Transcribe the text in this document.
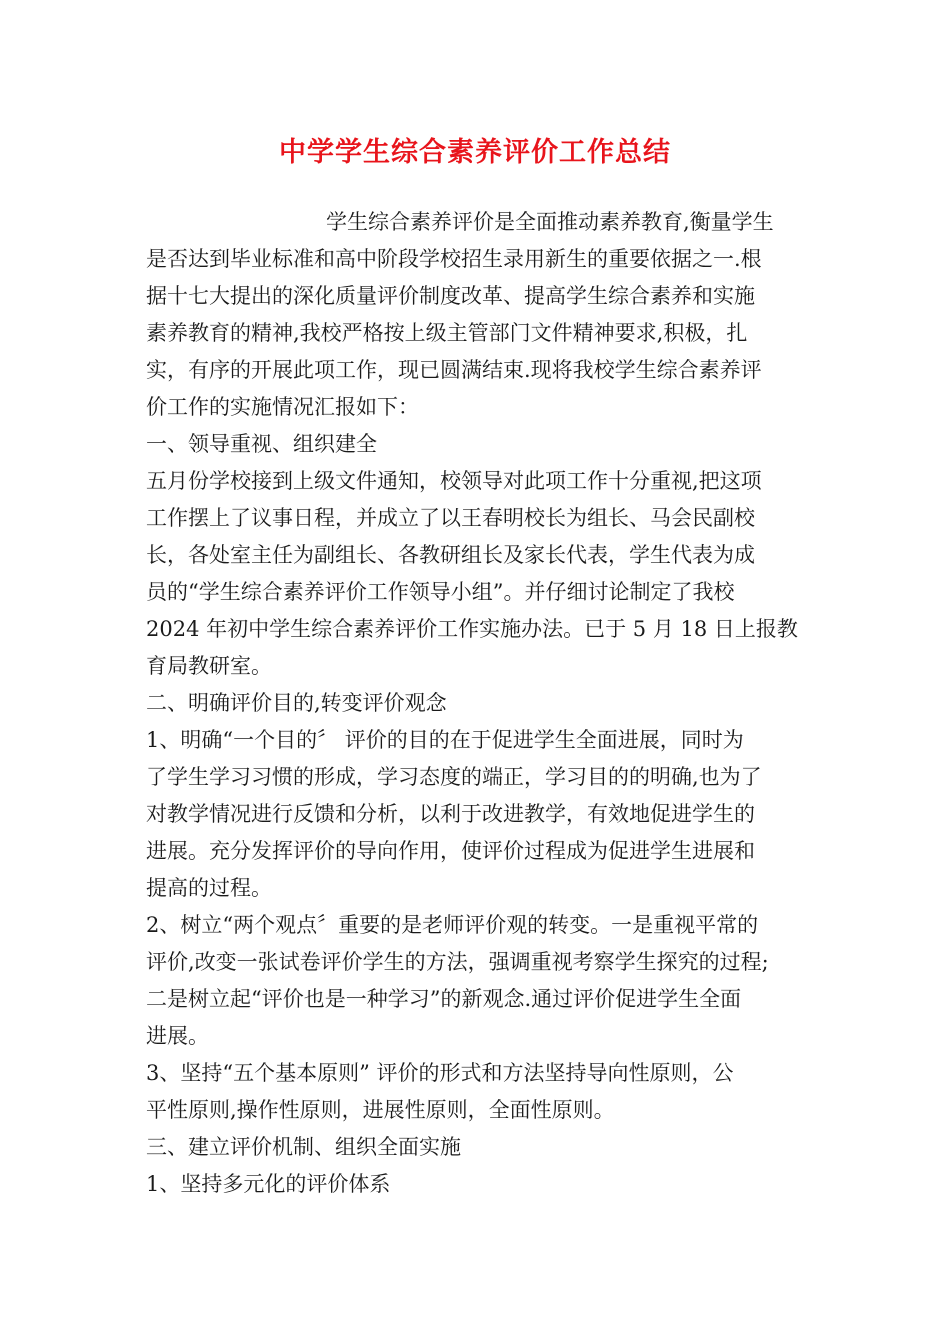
中学学生综合素养评价工作总结
学生综合素养评价是全面推动素养教育,衡量学生
是否达到毕业标准和高中阶段学校招生录用新生的重要依据之一.根
据十七大提出的深化质量评价制度改革、提高学生综合素养和实施
素养教育的精神,我校严格按上级主管部门文件精神要求,积极，扎
实，有序的开展此项工作，现已圆满结束.现将我校学生综合素养评
价工作的实施情况汇报如下：
一、领导重视、组织建全
五月份学校接到上级文件通知，校领导对此项工作十分重视,把这项
工作摆上了议事日程，并成立了以王春明校长为组长、马会民副校
长，各处室主任为副组长、各教研组长及家长代表，学生代表为成
员的“学生综合素养评价工作领导小组”。并仔细讨论制定了我校
2024 年初中学生综合素养评价工作实施办法。已于 5 月 18 日上报教
育局教研室。
二、明确评价目的,转变评价观念
1、明确“一个目的〞 评价的目的在于促进学生全面进展，同时为
了学生学习习惯的形成，学习态度的端正，学习目的的明确,也为了
对教学情况进行反馈和分析，以利于改进教学，有效地促进学生的
进展。充分发挥评价的导向作用，使评价过程成为促进学生进展和
提高的过程。
2、树立“两个观点〞重要的是老师评价观的转变。一是重视平常的
评价,改变一张试卷评价学生的方法，强调重视考察学生探究的过程;
二是树立起“评价也是一种学习”的新观念.通过评价促进学生全面
进展。
3、坚持“五个基本原则” 评价的形式和方法坚持导向性原则，公
平性原则,操作性原则，进展性原则，全面性原则。
三、建立评价机制、组织全面实施
1、坚持多元化的评价体系
